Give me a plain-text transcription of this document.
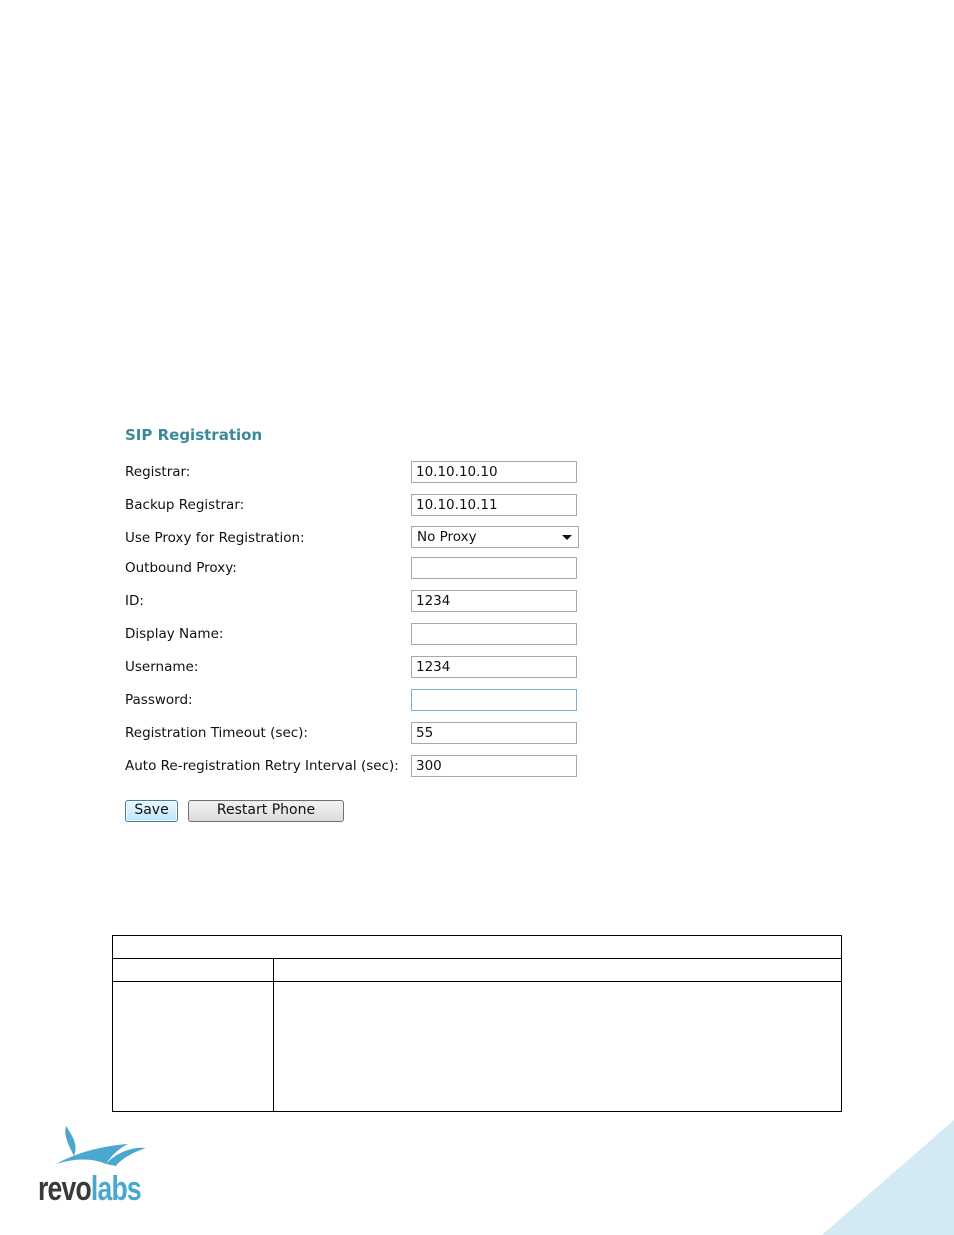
SIP Registration
Registrar:
10.10.10.10
Backup Registrar:
10.10.10.11
Use Proxy for Registration:	No Proxy
Outbound Proxy:
ID:
1234
Display Name:
Username:
1234
Password:
Registration Timeout (sec):
55
Auto Re-registration Retry Interval (sec):
300
Save	Restart Phone
revolabs
